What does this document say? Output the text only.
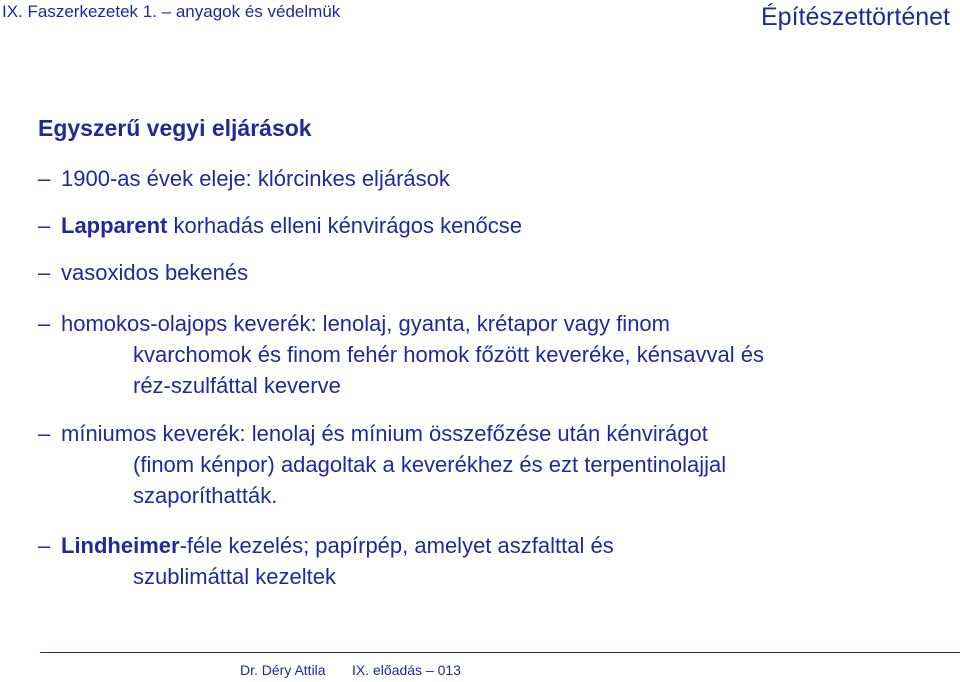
IX. Faszerkezetek 1. – anyagok és védelmük	Építészettörténet
Egyszerű vegyi eljárások
– 1900-as évek eleje: klórcinkes eljárások
– Lapparent korhadás elleni kénvirágos kenőcse
– vasoxidos bekenés
– homokos-olajops keverék: lenolaj, gyanta, krétapor vagy finom
kvarchomok és finom fehér homok főzött keveréke, kénsavval és
réz-szulfáttal keverve
– míniumos keverék: lenolaj és mínium összefőzése után kénvirágot
(finom kénpor) adagoltak a keverékhez és ezt terpentinolajjal
szaporíthatták.
– Lindheimer-féle kezelés; papírpép, amelyet aszfalttal és
szublimáttal kezeltek
Dr. Déry Attila IX. előadás – 013
